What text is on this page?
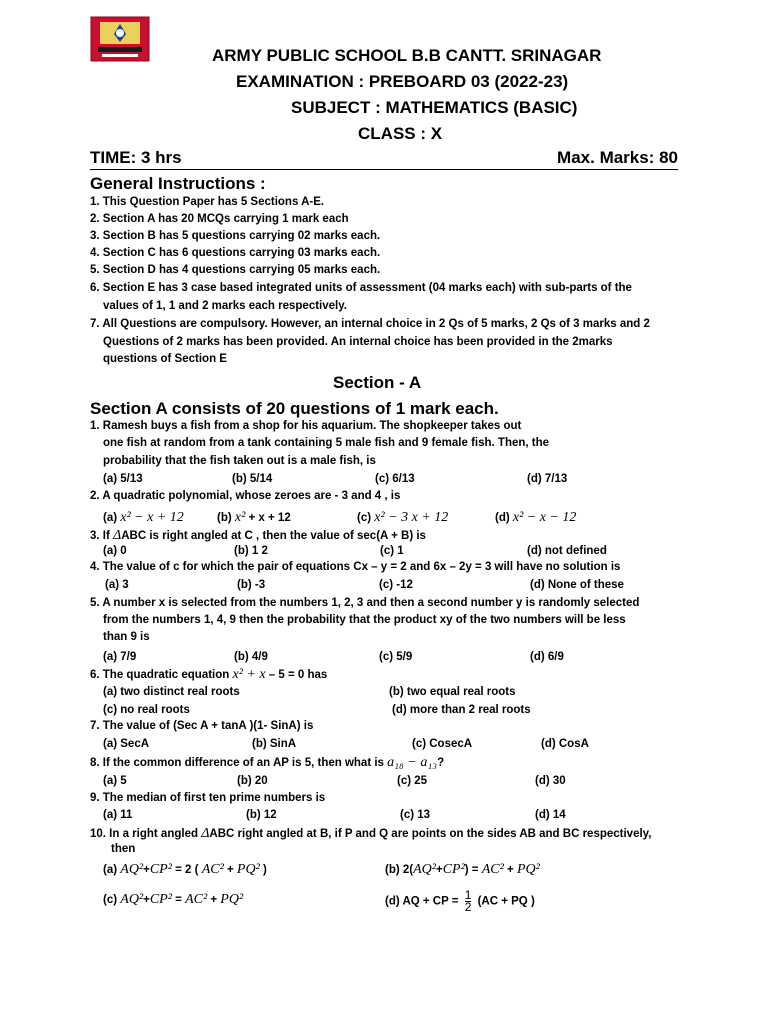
ARMY PUBLIC SCHOOL B.B CANTT. SRINAGAR
EXAMINATION : PREBOARD 03 (2022-23)
SUBJECT : MATHEMATICS (BASIC)
CLASS : X
TIME: 3 hrs	Max. Marks: 80
General Instructions :
1. This Question Paper has 5 Sections A-E.
2. Section A has 20 MCQs carrying 1 mark each
3. Section B has 5 questions carrying 02 marks each.
4. Section C has 6 questions carrying 03 marks each.
5. Section D has 4 questions carrying 05 marks each.
6. Section E has 3 case based integrated units of assessment (04 marks each) with sub-parts of the
values of 1, 1 and 2 marks each respectively.
7. All Questions are compulsory. However, an internal choice in 2 Qs of 5 marks, 2 Qs of 3 marks and 2
Questions of 2 marks has been provided. An internal choice has been provided in the 2marks
questions of Section E
Section - A
Section A consists of 20 questions of 1 mark each.
1. Ramesh buys a fish from a shop for his aquarium. The shopkeeper takes out
one fish at random from a tank containing 5 male fish and 9 female fish. Then, the
probability that the fish taken out is a male fish, is
(a) 5/13	(b) 5/14	(c) 6/13	(d) 7/13
2. A quadratic polynomial, whose zeroes are - 3 and 4 , is
(a) x² − x + 12	(b) x² + x + 12	(c) x² − 3 x + 12	(d) x² − x − 12
3. If ΔABC is right angled at C , then the value of sec(A + B) is
(a) 0	(b) 1 2	(c) 1	(d) not defined
4. The value of c for which the pair of equations Cx – y = 2 and 6x – 2y = 3 will have no solution is
(a) 3	(b) -3	(c) -12	(d) None of these
5. A number x is selected from the numbers 1, 2, 3 and then a second number y is randomly selected
from the numbers 1, 4, 9 then the probability that the product xy of the two numbers will be less
than 9 is
(a) 7/9	(b) 4/9	(c) 5/9	(d) 6/9
6. The quadratic equation x² + x – 5 = 0 has
(a) two distinct real roots	(b) two equal real roots
(c) no real roots	(d) more than 2 real roots
7. The value of (Sec A + tanA )(1- SinA) is
(a) SecA	(b) SinA	(c) CosecA	(d) CosA
8. If the common difference of an AP is 5, then what is a₁₈ − a₁₃?
(a) 5	(b) 20	(c) 25	(d) 30
9. The median of first ten prime numbers is
(a) 11	(b) 12	(c) 13	(d) 14
10. In a right angled ΔABC right angled at B, if P and Q are points on the sides AB and BC respectively,
then
(a) AQ²+CP² = 2 ( AC² + PQ² )	(b) 2(AQ²+CP²) = AC² + PQ²
(c) AQ²+CP² = AC² + PQ²	(d) AQ + CP = $\frac{1}{2} (AC$ + PQ )
